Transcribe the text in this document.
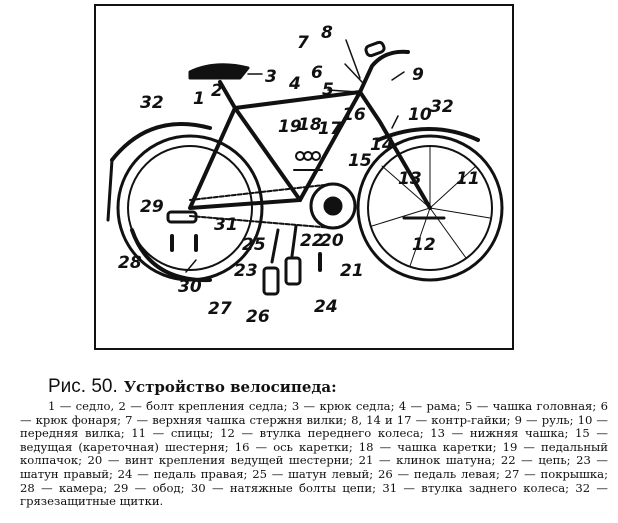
1 2
3 4 5
6
7 8
9
10
11
12
13
14
15
16
17
18
19
20
21
22
23
24
25
26
27
28
29
30
31
32	32
Рис. 50. Устройство велосипеда:
1 — седло, 2 — болт крепления седла; 3 — крюк седла; 4 — рама; 5 — чашка головная; 6 — крюк фонаря; 7 — верхняя чашка стержня вилки; 8, 14 и 17 — контр-гайки; 9 — руль; 10 — передняя вилка; 11 — спицы; 12 — втулка переднего колеса; 13 — нижняя чашка; 15 — ведущая (кареточная) шестерня; 16 — ось каретки; 18 — чашка каретки; 19 — педальный колпачок; 20 — винт крепления ведущей шестерни; 21 — клинок шатуна; 22 — цепь; 23 — шатун правый; 24 — педаль правая; 25 — шатун левый; 26 — педаль левая; 27 — покрышка; 28 — камера; 29 — обод; 30 — натяжные болты цепи; 31 — втулка заднего колеса; 32 — грязезащитные щитки.
